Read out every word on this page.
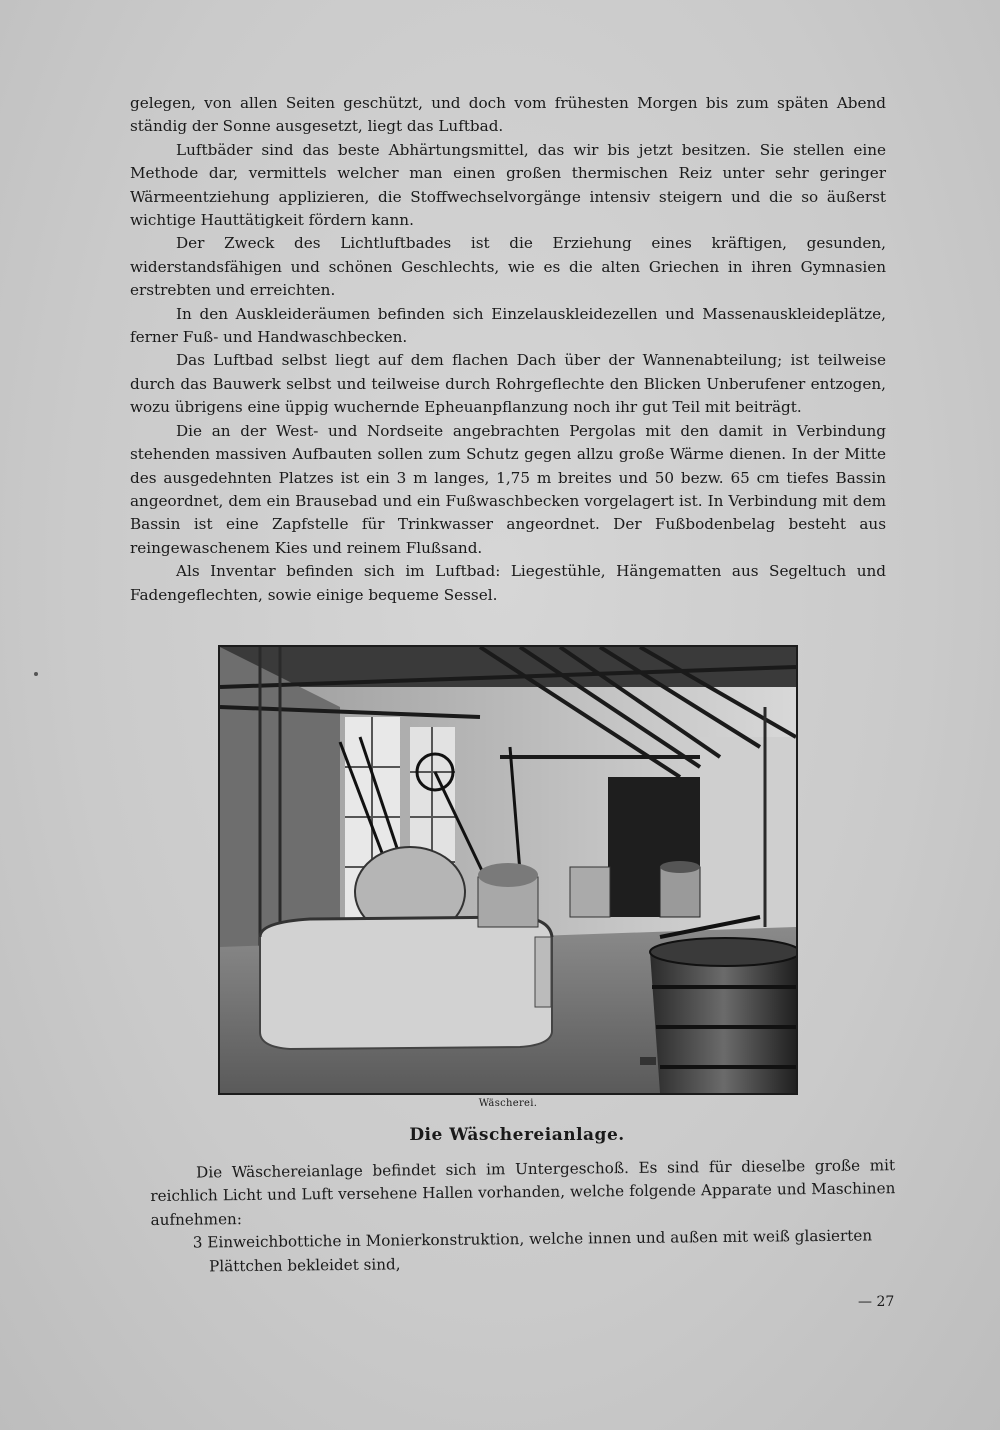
gelegen, von allen Seiten geschützt, und doch vom frühesten Morgen bis zum späten Abend ständig der Sonne ausgesetzt, liegt das Luftbad.

Luftbäder sind das beste Abhärtungsmittel, das wir bis jetzt besitzen. Sie stellen eine Methode dar, vermittels welcher man einen großen thermischen Reiz unter sehr geringer Wärmeentziehung applizieren, die Stoffwechselvorgänge intensiv steigern und die so äußerst wichtige Hauttätigkeit fördern kann.

Der Zweck des Lichtluftbades ist die Erziehung eines kräftigen, gesunden, widerstandsfähigen und schönen Geschlechts, wie es die alten Griechen in ihren Gymnasien erstrebten und erreichten.

In den Auskleideräumen befinden sich Einzelauskleidezellen und Massenauskleideplätze, ferner Fuß- und Handwaschbecken.

Das Luftbad selbst liegt auf dem flachen Dach über der Wannenabteilung; ist teilweise durch das Bauwerk selbst und teilweise durch Rohrgeflechte den Blicken Unberufener entzogen, wozu übrigens eine üppig wuchernde Epheuanpflanzung noch ihr gut Teil mit beiträgt.

Die an der West- und Nordseite angebrachten Pergolas mit den damit in Verbindung stehenden massiven Aufbauten sollen zum Schutz gegen allzu große Wärme dienen. In der Mitte des ausgedehnten Platzes ist ein 3 m langes, 1,75 m breites und 50 bezw. 65 cm tiefes Bassin angeordnet, dem ein Brausebad und ein Fußwaschbecken vorgelagert ist. In Verbindung mit dem Bassin ist eine Zapfstelle für Trinkwasser angeordnet. Der Fußbodenbelag besteht aus reingewaschenem Kies und reinem Flußsand.

Als Inventar befinden sich im Luftbad: Liegestühle, Hängematten aus Segeltuch und Fadengeflechten, sowie einige bequeme Sessel.

Wäscherei.
Die Wäschereianlage.

Die Wäschereianlage befindet sich im Untergeschoß. Es sind für dieselbe große mit reichlich Licht und Luft versehene Hallen vorhanden, welche folgende Apparate und Maschinen aufnehmen:

3 Einweichbottiche in Monierkonstruktion, welche innen und außen mit weiß glasierten

Plättchen bekleidet sind,

— 27
